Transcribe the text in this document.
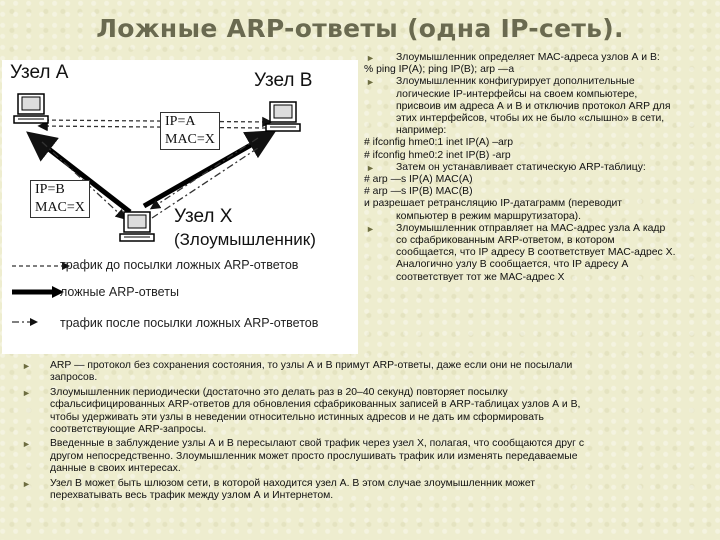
Ложные ARP-ответы (одна IP-сеть).
Узел А	Узел В
Узел X
(Злоумышленник)
IP=A
MAC=X
IP=B
MAC=X
трафик до посылки ложных ARP-ответов
ложные ARP-ответы
трафик после посылки ложных ARP-ответов
► Злоумышленник определяет МАС-адреса узлов А и В:
% ping IP(A); ping IP(B); arp —a
► Злоумышленник конфигурирует дополнительные
логические IP-интерфейсы на своем компьютере,
присвоив им адреса А и В и отключив протокол ARP для
этих интерфейсов, чтобы их не было «слышно» в сети,
например:
# ifconfig hme0:1 inet IP(A) –arp
# ifconfig hme0:2 inet IP(B) -arp
► Затем он устанавливает статическую ARP-таблицу:
# arp —s IP(A) MAC(A)
# arp —s IP(B) MAC(B)
и разрешает ретрансляцию IP-датаграмм (переводит
компьютер в режим маршрутизатора).
► Злоумышленник отправляет на МАС-адрес узла А кадр
со сфабрикованным ARP-ответом, в котором
сообщается, что IP адресу В соответствует МАС-адрес X.
Аналогично узлу В сообщается, что IP адресу А
соответствует тот же МАС-адрес X
► ARP — протокол без сохранения состояния, то узлы А и В примут ARP-ответы, даже если они не посылали
запросов.
► Злоумышленник периодически (достаточно это делать раз в 20–40 секунд) повторяет посылку
сфальсифицированных ARP-ответов для обновления сфабрикованных записей в ARP-таблицах узлов А и В,
чтобы удерживать эти узлы в неведении относительно истинных адресов и не дать им сформировать
соответствующие ARP-запросы.
► Введенные в заблуждение узлы А и В пересылают свой трафик через узел X, полагая, что сообщаются друг с
другом непосредственно. Злоумышленник может просто прослушивать трафик или изменять передаваемые
данные в своих интересах.
► Узел В может быть шлюзом сети, в которой находится узел А. В этом случае злоумышленник может
перехватывать весь трафик между узлом А и Интернетом.
